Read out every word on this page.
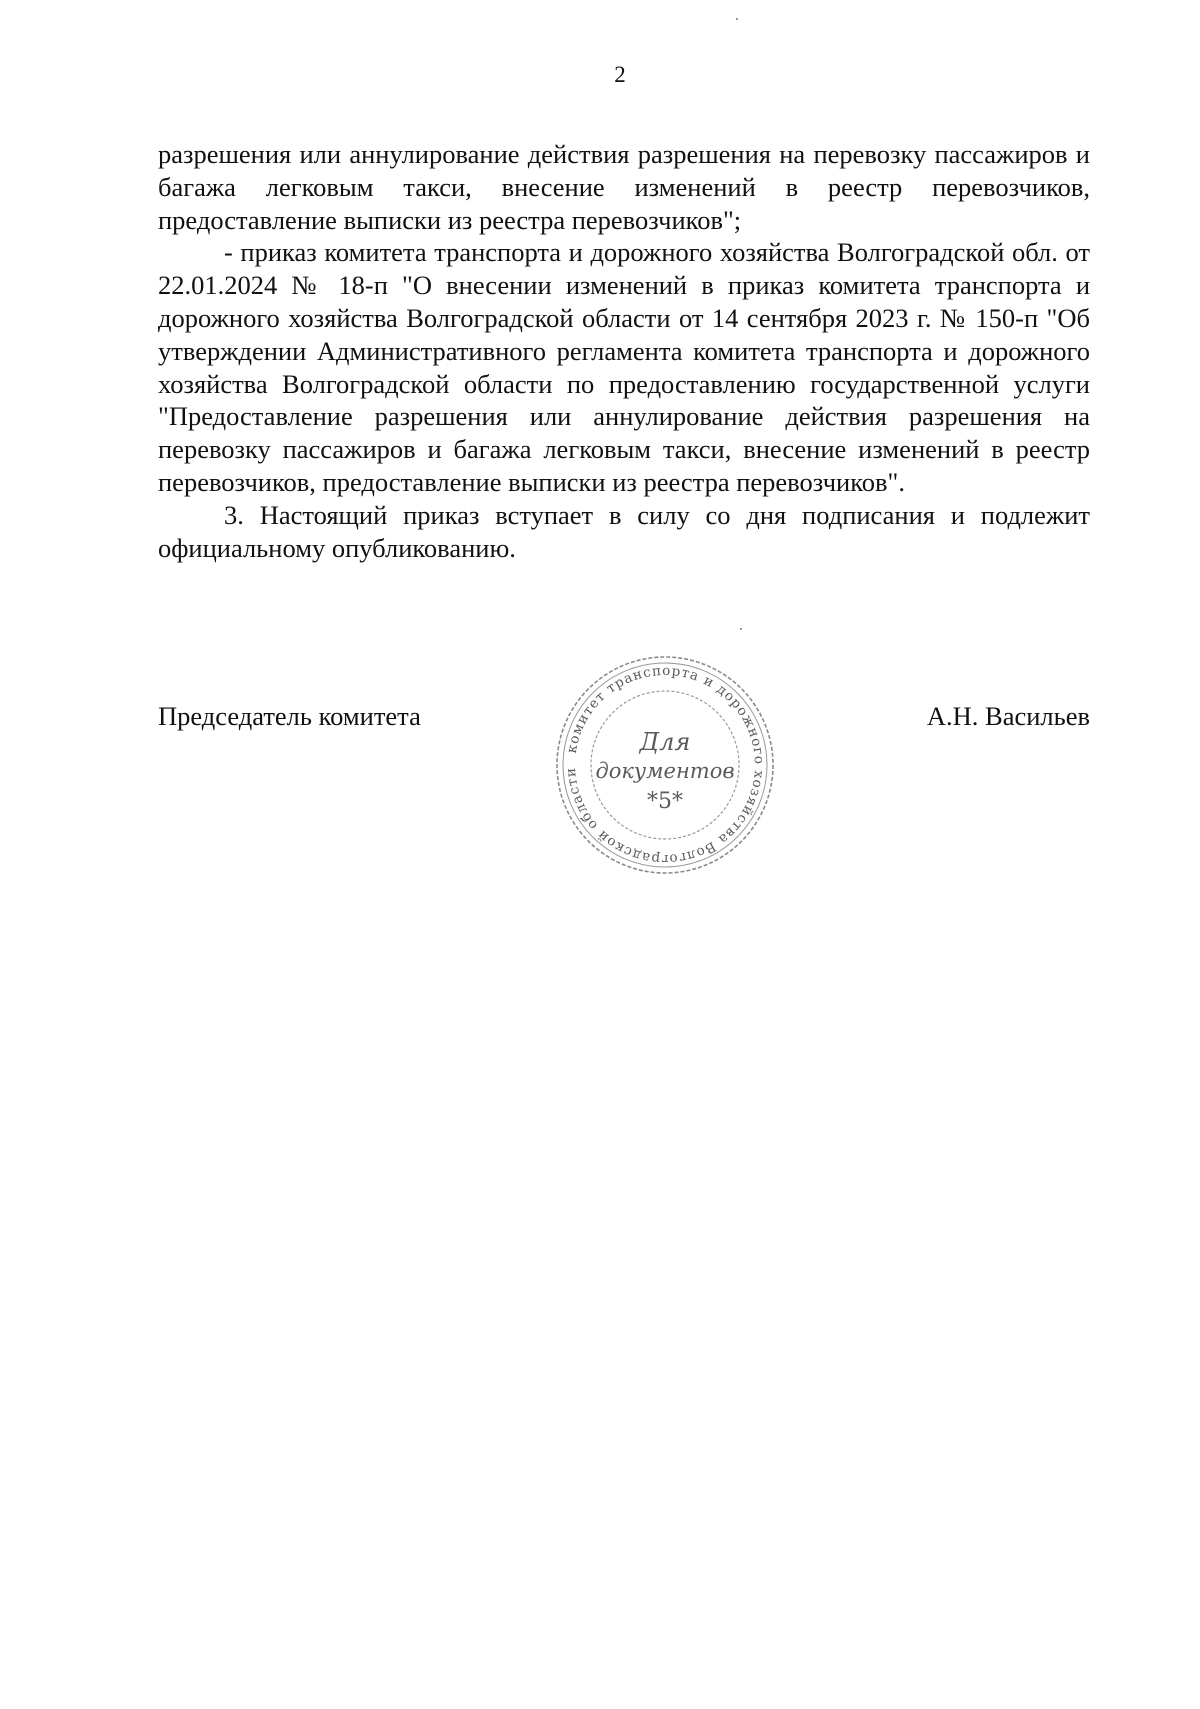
2

разрешения или аннулирование действия разрешения на перевозку пассажиров и багажа легковым такси, внесение изменений в реестр перевозчиков, предоставление выписки из реестра перевозчиков";

- приказ комитета транспорта и дорожного хозяйства Волгоградской обл. от 22.01.2024 № 18-п "О внесении изменений в приказ комитета транспорта и дорожного хозяйства Волгоградской области от 14 сентября 2023 г. № 150-п "Об утверждении Административного регламента комитета транспорта и дорожного хозяйства Волгоградской области по предоставлению государственной услуги "Предоставление разрешения или аннулирование действия разрешения на перевозку пассажиров и багажа легковым такси, внесение изменений в реестр перевозчиков, предоставление выписки из реестра перевозчиков".

3. Настоящий приказ вступает в силу со дня подписания и подлежит официальному опубликованию.

Председатель комитета
комитет транспорта и дорожного хозяйства Волгоградской области
Для
документов
*5*
А.Н. Васильев
